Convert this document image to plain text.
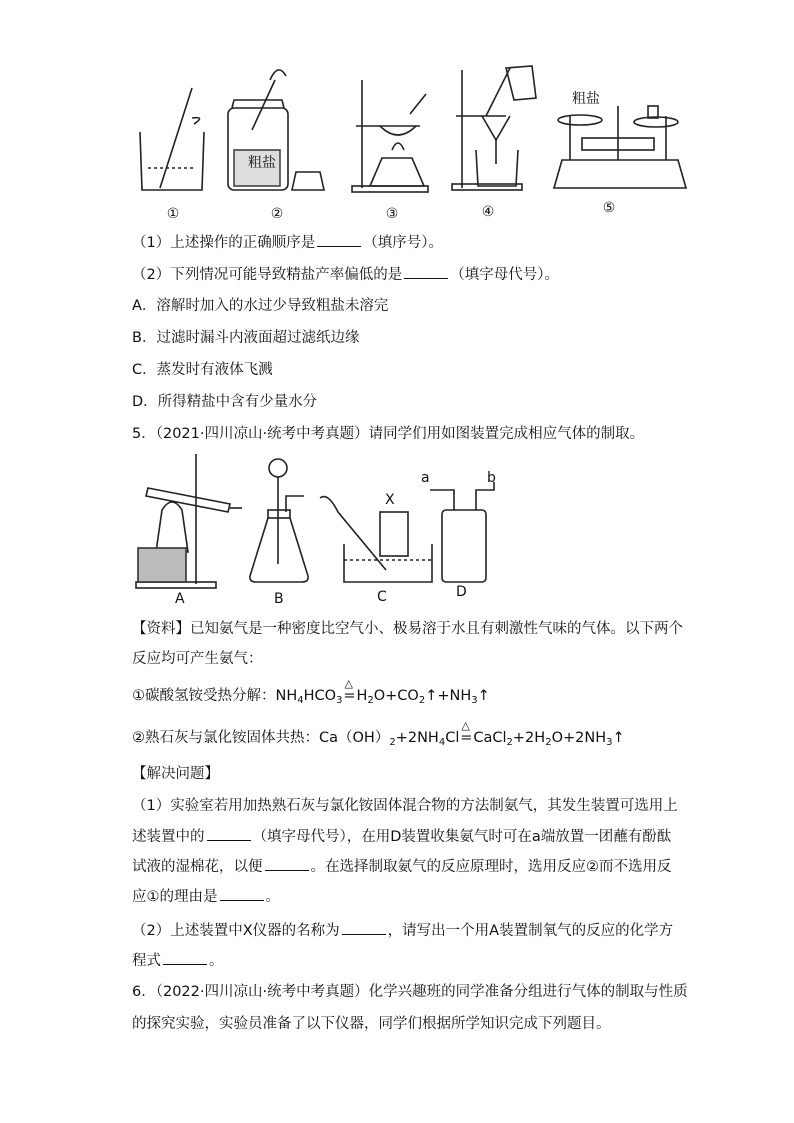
粗盐
粗盐
①	②	③	④	⑤
（1）上述操作的正确顺序是	（填序号）。
（2）下列情况可能导致精盐产率偏低的是	（填字母代号）。
A．溶解时加入的水过少导致粗盐未溶完
B．过滤时漏斗内液面超过滤纸边缘
C．蒸发时有液体飞溅
D．所得精盐中含有少量水分
5．（2021·四川凉山·统考中考真题）请同学们用如图装置完成相应气体的制取。
X
a	b
A	B	C	D
【资料】已知氨气是一种密度比空气小、极易溶于水且有刺激性气味的气体。以下两个
反应均可产生氨气：
①碳酸氢铵受热分解：$NH_4HCO_3$
△
$=H_2O+CO_2↑+NH_3↑$
②熟石灰与氯化铵固体共热：$Ca(OH)_2+2NH_4Cl$
△
$=CaCl_2+2H_2O+2NH_3↑$
【解决问题】
（1）实验室若用加热熟石灰与氯化铵固体混合物的方法制氨气，其发生装置可选用上
述装置中的	（填字母代号），在用D装置收集氨气时可在a端放置一团蘸有酚酞
试液的湿棉花，以便	。在选择制取氨气的反应原理时，选用反应②而不选用反
应①的理由是	。
（2）上述装置中X仪器的名称为	，请写出一个用A装置制氧气的反应的化学方
程式	。
6．（2022·四川凉山·统考中考真题）化学兴趣班的同学准备分组进行气体的制取与性质
的探究实验，实验员准备了以下仪器，同学们根据所学知识完成下列题目。
